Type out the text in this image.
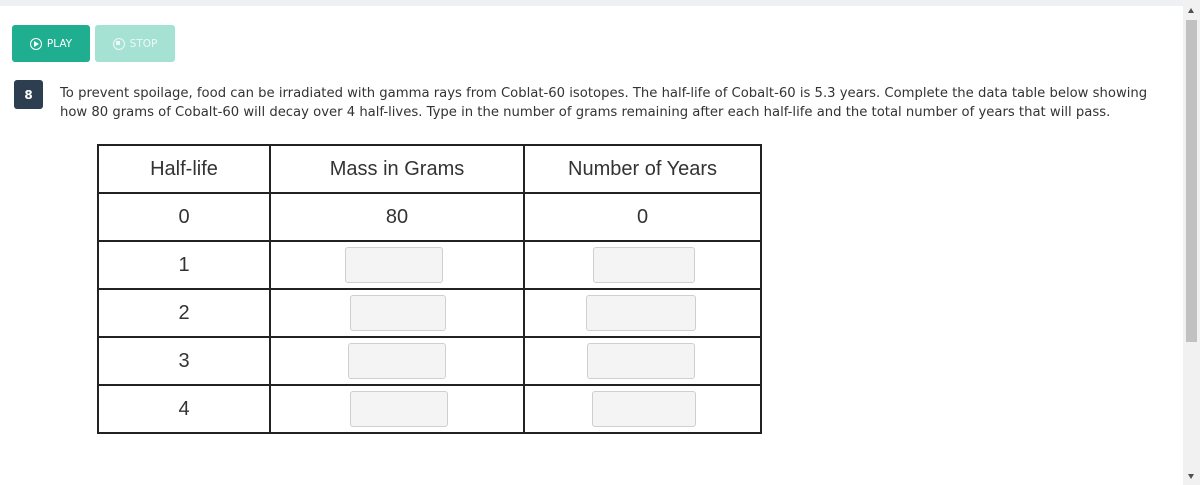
PLAY	STOP
8	To prevent spoilage, food can be irradiated with gamma rays from Coblat-60 isotopes. The half-life of Cobalt-60 is 5.3 years. Complete the data table below showing how 80 grams of Cobalt-60 will decay over 4 half-lives. Type in the number of grams remaining after each half-life and the total number of years that will pass.
Half-life	Mass in Grams	Number of Years
0	80	0
1		
2		
3		
4		
